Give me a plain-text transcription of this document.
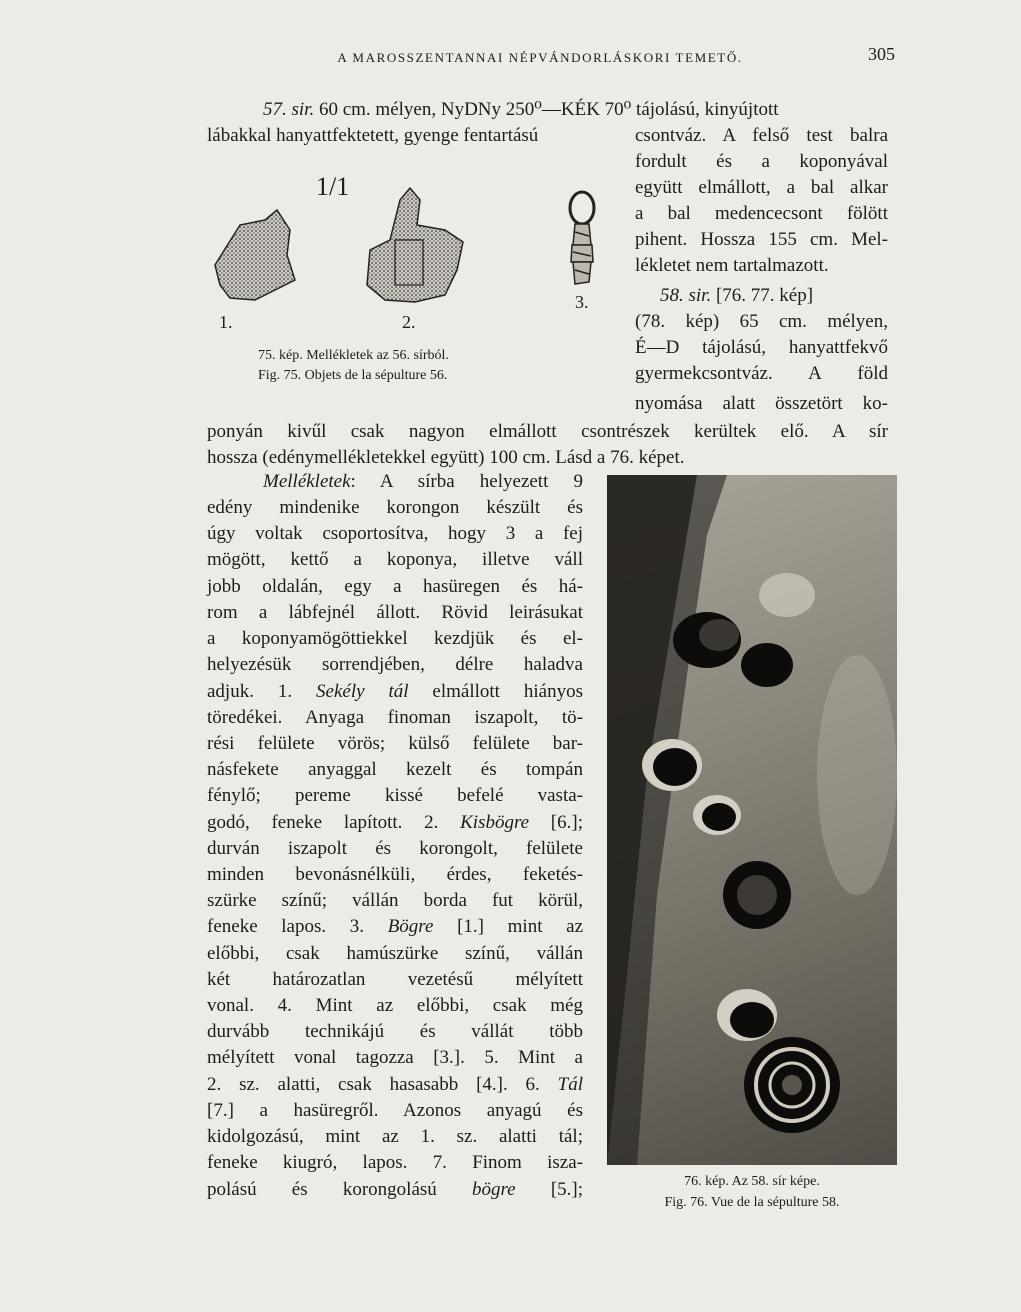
A MAROSSZENTANNAI NÉPVÁNDORLÁSKORI TEMETŐ.	305
57. sir. 60 cm. mélyen, NyDNy 250⁰—KÉK 70⁰ tájolású, kinyújtott
lábakkal hanyattfektetett, gyenge fentartású	csontváz. A felső test balra
fordult és a koponyával
együtt elmállott, a bal alkar
a bal medencecsont fölött
pihent. Hossza 155 cm. Mel-
lékletet nem tartalmazott.
58. sir. [76. 77. kép]
(78. kép) 65 cm. mélyen,
É—D tájolású, hanyattfekvő
gyermekcsontváz. A föld
nyomása alatt összetört ko-
ponyán kivűl csak nagyon elmállott csontrészek kerültek elő. A sír
hossza (edénymellékletekkel együtt) 100 cm. Lásd a 76. képet.
1/1
1.	2.
3.
75. kép. Mellékletek az 56. sírból.
Fig. 75. Objets de la sépulture 56.
Mellékletek: A sírba helyezett 9
edény mindenike korongon készült és
úgy voltak csoportosítva, hogy 3 a fej
mögött, kettő a koponya, illetve váll
jobb oldalán, egy a hasüregen és há-
rom a lábfejnél állott. Rövid leirásukat
a koponyamögöttiekkel kezdjük és el-
helyezésük sorrendjében, délre haladva
adjuk. 1. Sekély tál elmállott hiányos
töredékei. Anyaga finoman iszapolt, tö-
rési felülete vörös; külső felülete bar-
násfekete anyaggal kezelt és tompán
fénylő; pereme kissé befelé vasta-
godó, feneke lapított. 2. Kisbögre [6.];
durván iszapolt és korongolt, felülete
minden bevonásnélküli, érdes, feketés-
szürke színű; vállán borda fut körül,
feneke lapos. 3. Bögre [1.] mint az
előbbi, csak hamúszürke színű, vállán
két határozatlan vezetésű mélyített
vonal. 4. Mint az előbbi, csak még
durvább technikájú és vállát több
mélyített vonal tagozza [3.]. 5. Mint a
2. sz. alatti, csak hasasabb [4.]. 6. Tál
[7.] a hasüregről. Azonos anyagú és
kidolgozású, mint az 1. sz. alatti tál;
feneke kiugró, lapos. 7. Finom isza-
polású és korongolású bögre [5.];	76. kép. Az 58. sír képe.
Fig. 76. Vue de la sépulture 58.
